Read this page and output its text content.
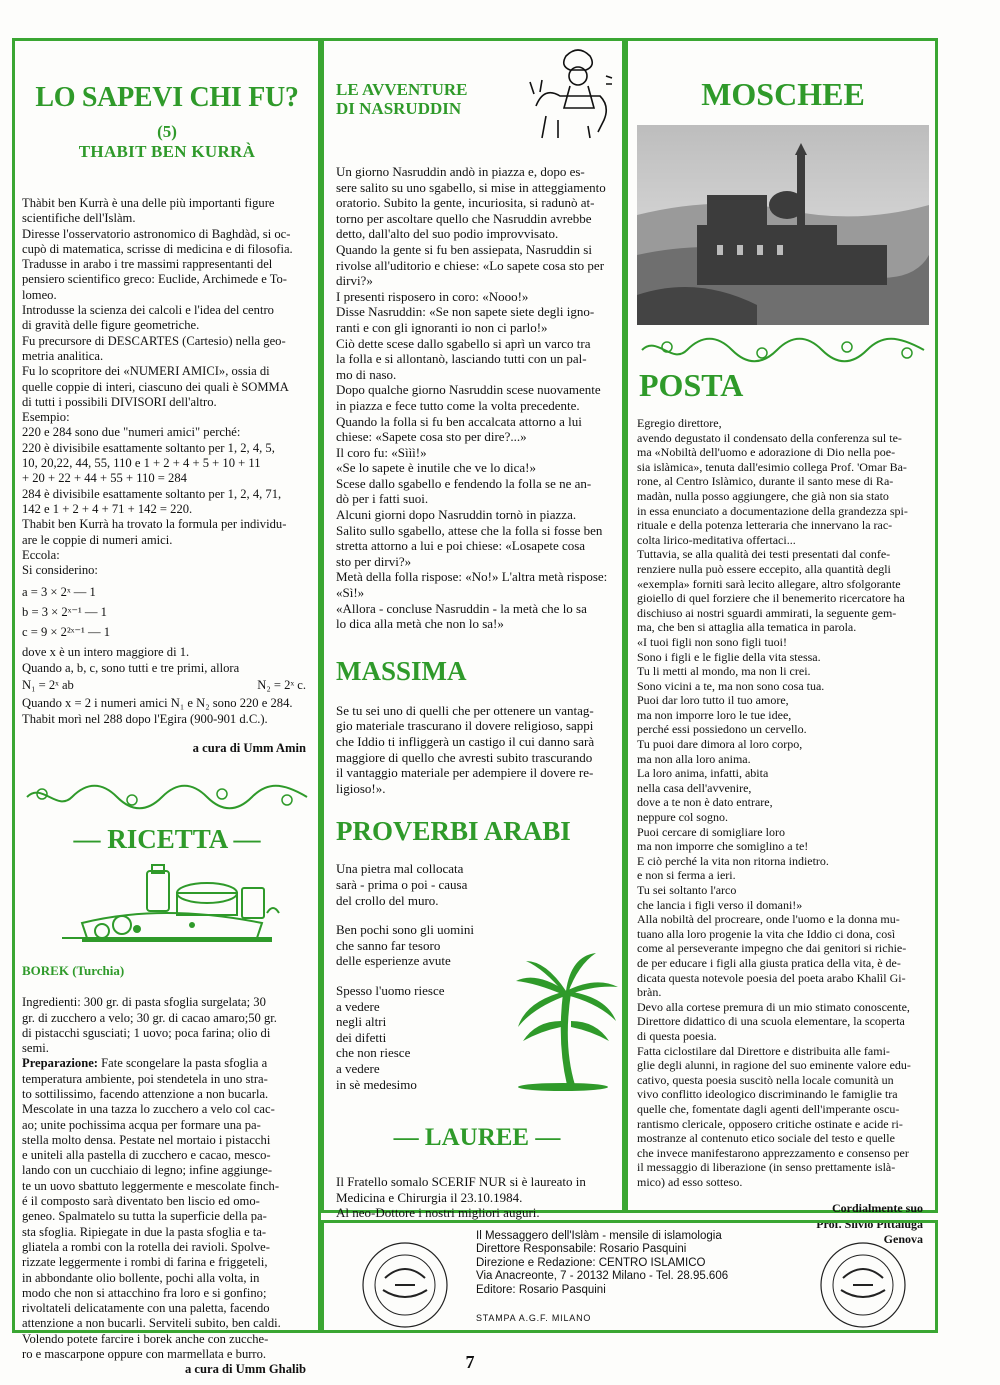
LO SAPEVI CHI FU?
(5)
THABIT BEN KURRÀ
Thàbit ben Kurrà è una delle più importanti figure
scientifiche dell'Islàm.
Diresse l'osservatorio astronomico di Baghdàd, si oc-
cupò di matematica, scrisse di medicina e di filosofia.
Tradusse in arabo i tre massimi rappresentanti del
pensiero scientifico greco: Euclide, Archimede e To-
lomeo.
Introdusse la scienza dei calcoli e l'idea del centro
di gravità delle figure geometriche.
Fu precursore di DESCARTES (Cartesio) nella geo-
metria analitica.
Fu lo scopritore dei «NUMERI AMICI», ossia di
quelle coppie di interi, ciascuno dei quali è SOMMA
di tutti i possibili DIVISORI dell'altro.
Esempio:
220 e 284 sono due "numeri amici" perché:
220 è divisibile esattamente soltanto per 1, 2, 4, 5,
10, 20,22, 44, 55, 110 e 1 + 2 + 4 + 5 + 10 + 11
+ 20 + 22 + 44 + 55 + 110 = 284
284 è divisibile esattamente soltanto per 1, 2, 4, 71,
142 e 1 + 2 + 4 + 71 + 142 = 220.
Thabit ben Kurrà ha trovato la formula per individu-
are le coppie di numeri amici.
Eccola:
Si considerino:
a = 3 × 2ˣ — 1
b = 3 × 2ˣ⁻¹ — 1
c = 9 × 2²ˣ⁻¹ — 1
dove x è un intero maggiore di 1.
Quando a, b, c, sono tutti e tre primi, allora
N₁ = 2ˣ ab	N₂ = 2ˣ c.
Quando x = 2 i numeri amici N₁ e N₂ sono 220 e 284.
Thabit morì nel 288 dopo l'Egira (900-901 d.C.).
a cura di Umm Amin
— RICETTA —
BOREK (Turchia)
Ingredienti: 300 gr. di pasta sfoglia surgelata; 30
gr. di zucchero a velo; 30 gr. di cacao amaro;50 gr.
di pistacchi sgusciati; 1 uovo; poca farina; olio di
semi.
Preparazione: Fate scongelare la pasta sfoglia a
temperatura ambiente, poi stendetela in uno stra-
to sottilissimo, facendo attenzione a non bucarla.
Mescolate in una tazza lo zucchero a velo col cac-
ao; unite pochissima acqua per formare una pa-
stella molto densa. Pestate nel mortaio i pistacchi
e uniteli alla pastella di zucchero e cacao, mesco-
lando con un cucchiaio di legno; infine aggiunge-
te un uovo sbattuto leggermente e mescolate finch-
é il composto sarà diventato ben liscio ed omo-
geneo. Spalmatelo su tutta la superficie della pa-
sta sfoglia. Ripiegate in due la pasta sfoglia e ta-
gliatela a rombi con la rotella dei ravioli. Spolve-
rizzate leggermente i rombi di farina e friggeteli,
in abbondante olio bollente, pochi alla volta, in
modo che non si attacchino fra loro e si gonfino;
rivoltateli delicatamente con una paletta, facendo
attenzione a non bucarli. Serviteli subito, ben caldi.
Volendo potete farcire i borek anche con zucche-
ro e mascarpone oppure con marmellata e burro.
a cura di Umm Ghalib
LE AVVENTURE
DI NASRUDDIN
Un giorno Nasruddin andò in piazza e, dopo es-
sere salito su uno sgabello, si mise in atteggiamento
oratorio. Subito la gente, incuriosita, si radunò at-
torno per ascoltare quello che Nasruddin avrebbe
detto, dall'alto del suo podio improvvisato.
Quando la gente si fu ben assiepata, Nasruddin si
rivolse all'uditorio e chiese: «Lo sapete cosa sto per
dirvi?»
I presenti risposero in coro: «Nooo!»
Disse Nasruddin: «Se non sapete siete degli igno-
ranti e con gli ignoranti io non ci parlo!»
Ciò dette scese dallo sgabello si aprì un varco tra
la folla e si allontanò, lasciando tutti con un pal-
mo di naso.
Dopo qualche giorno Nasruddin scese nuovamente
in piazza e fece tutto come la volta precedente.
Quando la folla si fu ben accalcata attorno a lui
chiese: «Sapete cosa sto per dire?...»
Il coro fu: «Sììì!»
«Se lo sapete è inutile che ve lo dica!»
Scese dallo sgabello e fendendo la folla se ne an-
dò per i fatti suoi.
Alcuni giorni dopo Nasruddin tornò in piazza.
Salito sullo sgabello, attese che la folla si fosse ben
stretta attorno a lui e poi chiese: «Losapete cosa
sto per dirvi?»
Metà della folla rispose: «No!» L'altra metà rispose:
«Sì!»
«Allora - concluse Nasruddin - la metà che lo sa
lo dica alla metà che non lo sa!»
MASSIMA
Se tu sei uno di quelli che per ottenere un vantag-
gio materiale trascurano il dovere religioso, sappi
che Iddio ti infliggerà un castigo il cui danno sarà
maggiore di quello che avresti subito trascurando
il vantaggio materiale per adempiere il dovere re-
ligioso!».
PROVERBI ARABI
Una pietra mal collocata
sarà - prima o poi - causa
del crollo del muro.
Ben pochi sono gli uomini
che sanno far tesoro
delle esperienze avute
Spesso l'uomo riesce
a vedere
negli altri
dei difetti
che non riesce
a vedere
in sè medesimo
— LAUREE —
Il Fratello somalo SCERIF NUR si è laureato in
Medicina e Chirurgia il 23.10.1984.
Al neo-Dottore i nostri migliori auguri.
MOSCHEE
POSTA
Egregio direttore,
avendo degustato il condensato della conferenza sul te-
ma «Nobiltà dell'uomo e adorazione di Dio nella poe-
sia islàmica», tenuta dall'esimio collega Prof. 'Omar Ba-
rone, al Centro Islàmico, durante il santo mese di Ra-
madàn, nulla posso aggiungere, che già non sia stato
in essa enunciato a documentazione della grandezza spi-
rituale e della potenza letteraria che innervano la rac-
colta lirico-meditativa offertaci...
Tuttavia, se alla qualità dei testi presentati dal confe-
renziere nulla può essere eccepito, alla quantità degli
«exempla» forniti sarà lecito allegare, altro sfolgorante
gioiello di quel forziere che il benemerito ricercatore ha
dischiuso ai nostri sguardi ammirati, la seguente gem-
ma, che ben si attaglia alla tematica in parola.
«I tuoi figli non sono figli tuoi!
Sono i figli e le figlie della vita stessa.
Tu li metti al mondo, ma non li crei.
Sono vicini a te, ma non sono cosa tua.
Puoi dar loro tutto il tuo amore,
ma non imporre loro le tue idee,
perché essi possiedono un cervello.
Tu puoi dare dimora al loro corpo,
ma non alla loro anima.
La loro anima, infatti, abita
nella casa dell'avvenire,
dove a te non è dato entrare,
neppure col sogno.
Puoi cercare di somigliare loro
ma non imporre che somiglino a te!
E ciò perché la vita non ritorna indietro.
e non si ferma a ieri.
Tu sei soltanto l'arco
che lancia i figli verso il domani!»
Alla nobiltà del procreare, onde l'uomo e la donna mu-
tuano alla loro progenie la vita che Iddio ci dona, così
come al perseverante impegno che dai genitori si richie-
de per educare i figli alla giusta pratica della vita, è de-
dicata questa notevole poesia del poeta arabo Khalìl Gi-
bràn.
Devo alla cortese premura di un mio stimato conoscente,
Direttore didattico di una scuola elementare, la scoperta
di questa poesia.
Fatta ciclostilare dal Direttore e distribuita alle fami-
glie degli alunni, in ragione del suo eminente valore edu-
cativo, questa poesia suscitò nella locale comunità un
vivo conflitto ideologico discriminando le famiglie tra
quelle che, fomentate dagli agenti dell'imperante oscu-
rantismo clericale, opposero critiche ostinate e acide ri-
mostranze al contenuto etico sociale del testo e quelle
che invece manifestarono apprezzamento e consenso per
il messaggio di liberazione (in senso prettamente islà-
mico) ad esso sotteso.
Cordialmente suo
Prof. Silvio Pittaluga
Genova
Il Messaggero dell'Islàm - mensile di islamologia
Direttore Responsabile: Rosario Pasquini
Direzione e Redazione: CENTRO ISLAMICO
Via Anacreonte, 7 - 20132 Milano - Tel. 28.95.606
Editore: Rosario Pasquini
STAMPA A.G.F. MILANO
7
